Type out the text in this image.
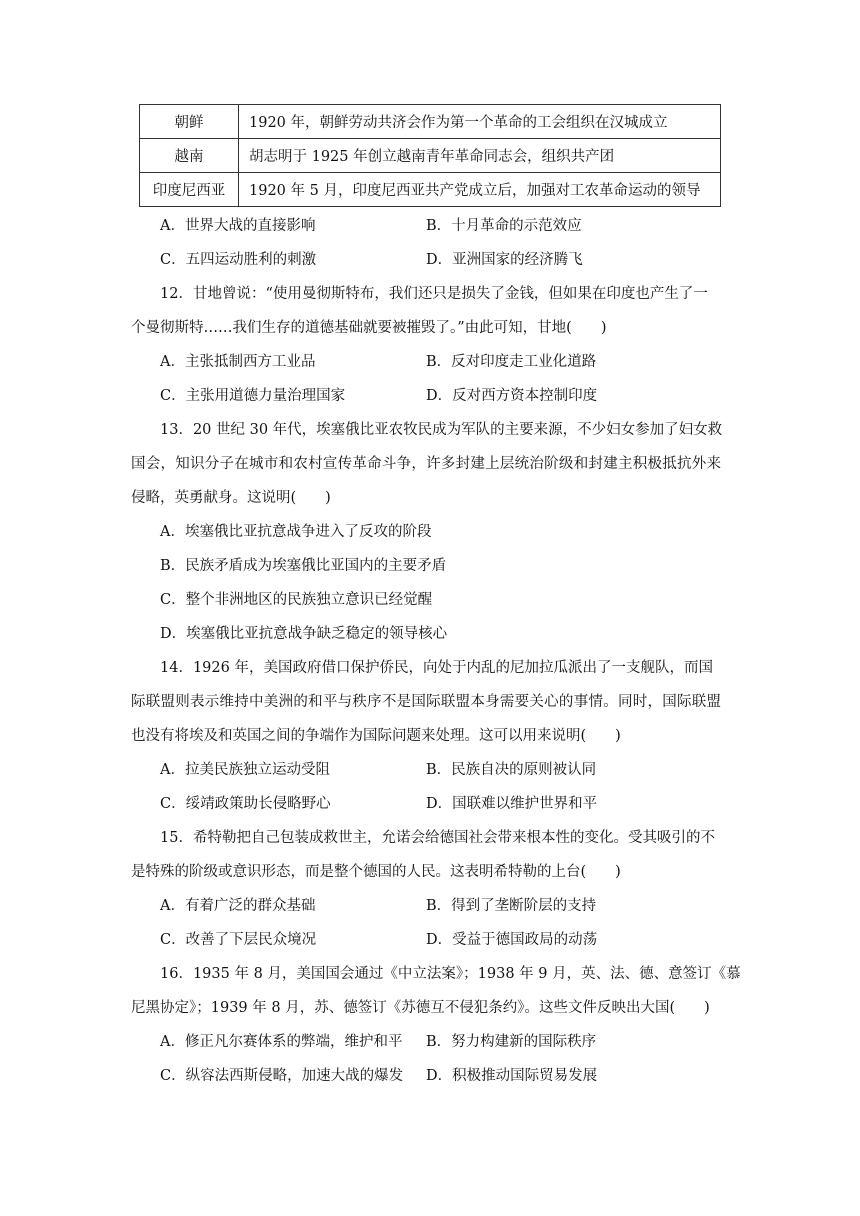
朝鲜	1920 年，朝鲜劳动共济会作为第一个革命的工会组织在汉城成立
越南	胡志明于 1925 年创立越南青年革命同志会，组织共产团
印度尼西亚	1920 年 5 月，印度尼西亚共产党成立后，加强对工农革命运动的领导
A．世界大战的直接影响	B．十月革命的示范效应
C．五四运动胜利的刺激	D．亚洲国家的经济腾飞
12．甘地曾说：“使用曼彻斯特布，我们还只是损失了金钱，但如果在印度也产生了一
个曼彻斯特……我们生存的道德基础就要被摧毁了。”由此可知，甘地(　　)
A．主张抵制西方工业品	B．反对印度走工业化道路
C．主张用道德力量治理国家	D．反对西方资本控制印度
13．20 世纪 30 年代，埃塞俄比亚农牧民成为军队的主要来源，不少妇女参加了妇女救
国会，知识分子在城市和农村宣传革命斗争，许多封建上层统治阶级和封建主积极抵抗外来
侵略，英勇献身。这说明(　　)
A．埃塞俄比亚抗意战争进入了反攻的阶段
B．民族矛盾成为埃塞俄比亚国内的主要矛盾
C．整个非洲地区的民族独立意识已经觉醒
D．埃塞俄比亚抗意战争缺乏稳定的领导核心
14．1926 年，美国政府借口保护侨民，向处于内乱的尼加拉瓜派出了一支舰队，而国
际联盟则表示维持中美洲的和平与秩序不是国际联盟本身需要关心的事情。同时，国际联盟
也没有将埃及和英国之间的争端作为国际问题来处理。这可以用来说明(　　)
A．拉美民族独立运动受阻	B．民族自决的原则被认同
C．绥靖政策助长侵略野心	D．国联难以维护世界和平
15．希特勒把自己包装成救世主，允诺会给德国社会带来根本性的变化。受其吸引的不
是特殊的阶级或意识形态，而是整个德国的人民。这表明希特勒的上台(　　)
A．有着广泛的群众基础	B．得到了垄断阶层的支持
C．改善了下层民众境况	D．受益于德国政局的动荡
16．1935 年 8 月，美国国会通过《中立法案》；1938 年 9 月，英、法、德、意签订《慕
尼黑协定》；1939 年 8 月，苏、德签订《苏德互不侵犯条约》。这些文件反映出大国(　　)
A．修正凡尔赛体系的弊端，维护和平 B．努力构建新的国际秩序
C．纵容法西斯侵略，加速大战的爆发 D．积极推动国际贸易发展
